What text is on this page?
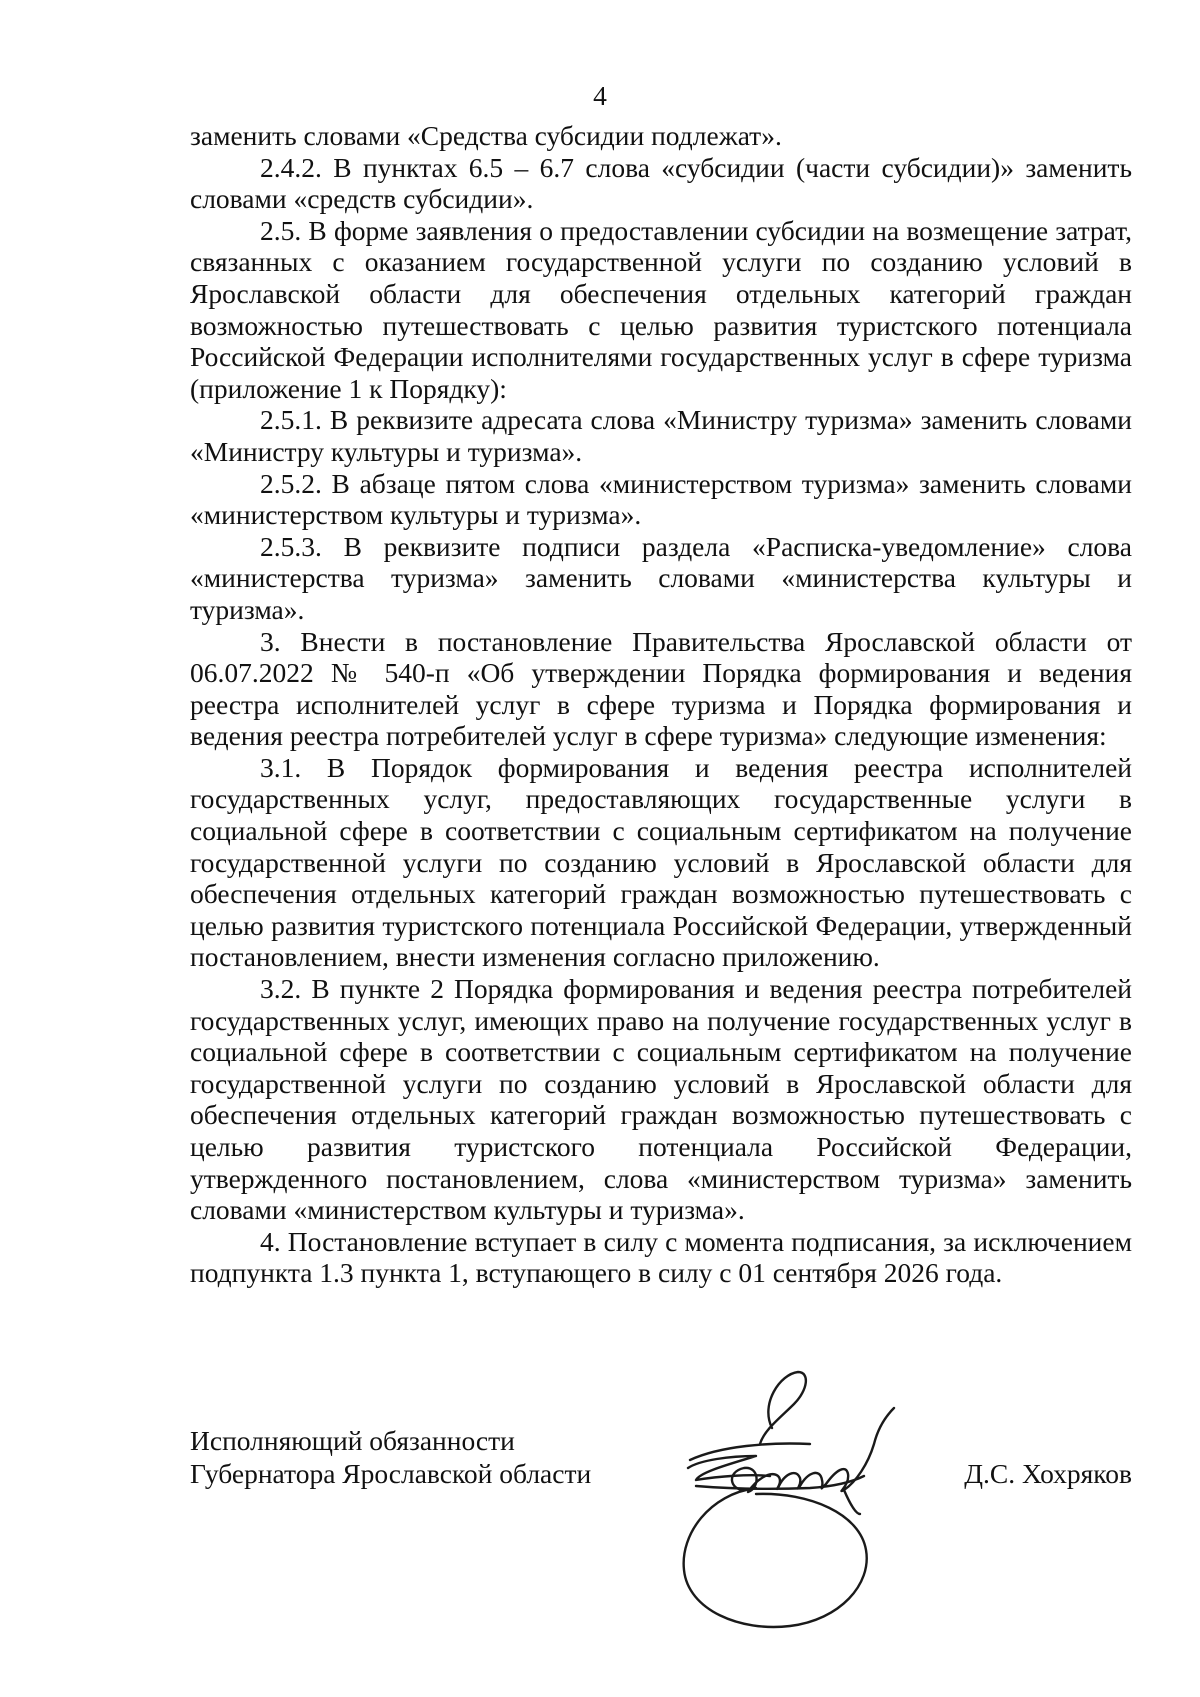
4

заменить словами «Средства субсидии подлежат».

2.4.2. В пунктах 6.5 – 6.7 слова «субсидии (части субсидии)» заменить словами «средств субсидии».

2.5. В форме заявления о предоставлении субсидии на возмещение затрат, связанных с оказанием государственной услуги по созданию условий в Ярославской области для обеспечения отдельных категорий граждан возможностью путешествовать с целью развития туристского потенциала Российской Федерации исполнителями государственных услуг в сфере туризма (приложение 1 к Порядку):

2.5.1. В реквизите адресата слова «Министру туризма» заменить словами «Министру культуры и туризма».

2.5.2. В абзаце пятом слова «министерством туризма» заменить словами «министерством культуры и туризма».

2.5.3. В реквизите подписи раздела «Расписка-уведомление» слова «министерства туризма» заменить словами «министерства культуры и туризма».

3. Внести в постановление Правительства Ярославской области от 06.07.2022 № 540-п «Об утверждении Порядка формирования и ведения реестра исполнителей услуг в сфере туризма и Порядка формирования и ведения реестра потребителей услуг в сфере туризма» следующие изменения:

3.1. В Порядок формирования и ведения реестра исполнителей государственных услуг, предоставляющих государственные услуги в социальной сфере в соответствии с социальным сертификатом на получение государственной услуги по созданию условий в Ярославской области для обеспечения отдельных категорий граждан возможностью путешествовать с целью развития туристского потенциала Российской Федерации, утвержденный постановлением, внести изменения согласно приложению.

3.2. В пункте 2 Порядка формирования и ведения реестра потребителей государственных услуг, имеющих право на получение государственных услуг в социальной сфере в соответствии с социальным сертификатом на получение государственной услуги по созданию условий в Ярославской области для обеспечения отдельных категорий граждан возможностью путешествовать с целью развития туристского потенциала Российской Федерации, утвержденного постановлением, слова «министерством туризма» заменить словами «министерством культуры и туризма».

4. Постановление вступает в силу с момента подписания, за исключением подпункта 1.3 пункта 1, вступающего в силу с 01 сентября 2026 года.

Исполняющий обязанности
Губернатора Ярославской области	Д.С. Хохряков
